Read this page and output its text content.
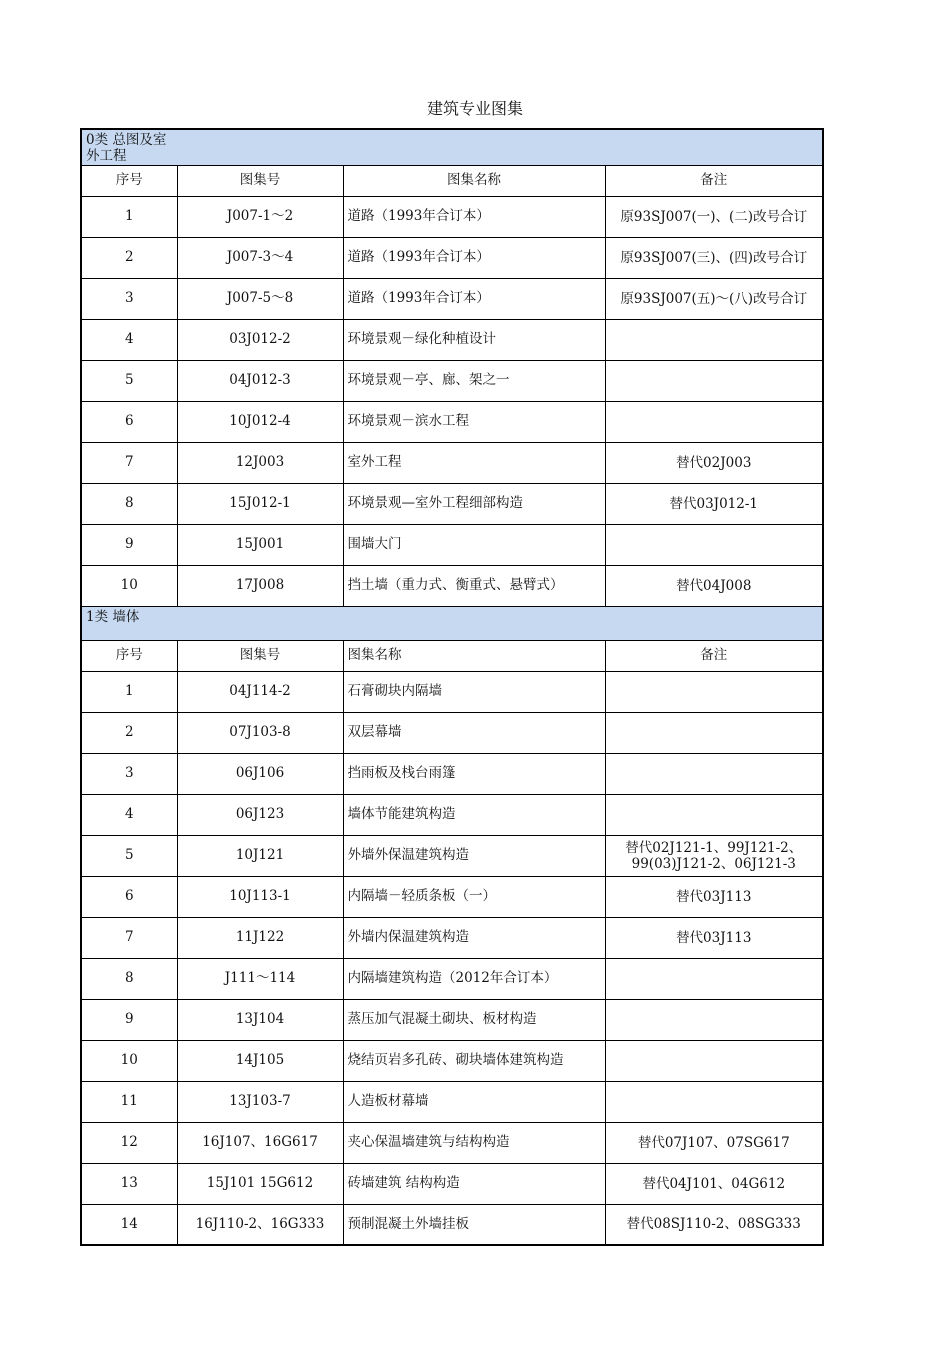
建筑专业图集
0类 总图及室外工程			

序号	图集号	图集名称	备注
1	J007-1～2	道路（1993年合订本）	原93SJ007(一)、(二)改号合订

2	J007-3～4	道路（1993年合订本）	原93SJ007(三)、(四)改号合订

3	J007-5～8	道路（1993年合订本）	原93SJ007(五)～(八)改号合订

4	03J012-2	环境景观－绿化种植设计	

5	04J012-3	环境景观－亭、廊、架之一	

6	10J012-4	环境景观－滨水工程	

7	12J003	室外工程	替代02J003

8	15J012-1	环境景观—室外工程细部构造	替代03J012-1

9	15J001	围墙大门	

10	17J008	挡土墙（重力式、衡重式、悬臂式）	替代04J008

1类 墙体			

序号	图集号	图集名称	备注
1	04J114-2	石膏砌块内隔墙	

2	07J103-8	双层幕墙	

3	06J106	挡雨板及栈台雨篷	

4	06J123	墙体节能建筑构造	

5	10J121	外墙外保温建筑构造	替代02J121-1、99J121-2、99(03)J121-2、06J121-3

6	10J113-1	内隔墙－轻质条板（一）	替代03J113

7	11J122	外墙内保温建筑构造	替代03J113

8	J111～114	内隔墙建筑构造（2012年合订本）	

9	13J104	蒸压加气混凝土砌块、板材构造	

10	14J105	烧结页岩多孔砖、砌块墙体建筑构造	

11	13J103-7	人造板材幕墙	

12	16J107、16G617	夹心保温墙建筑与结构构造	替代07J107、07SG617

13	15J101 15G612	砖墙建筑 结构构造	替代04J101、04G612

14	16J110-2、16G333	预制混凝土外墙挂板	替代08SJ110-2、08SG333
